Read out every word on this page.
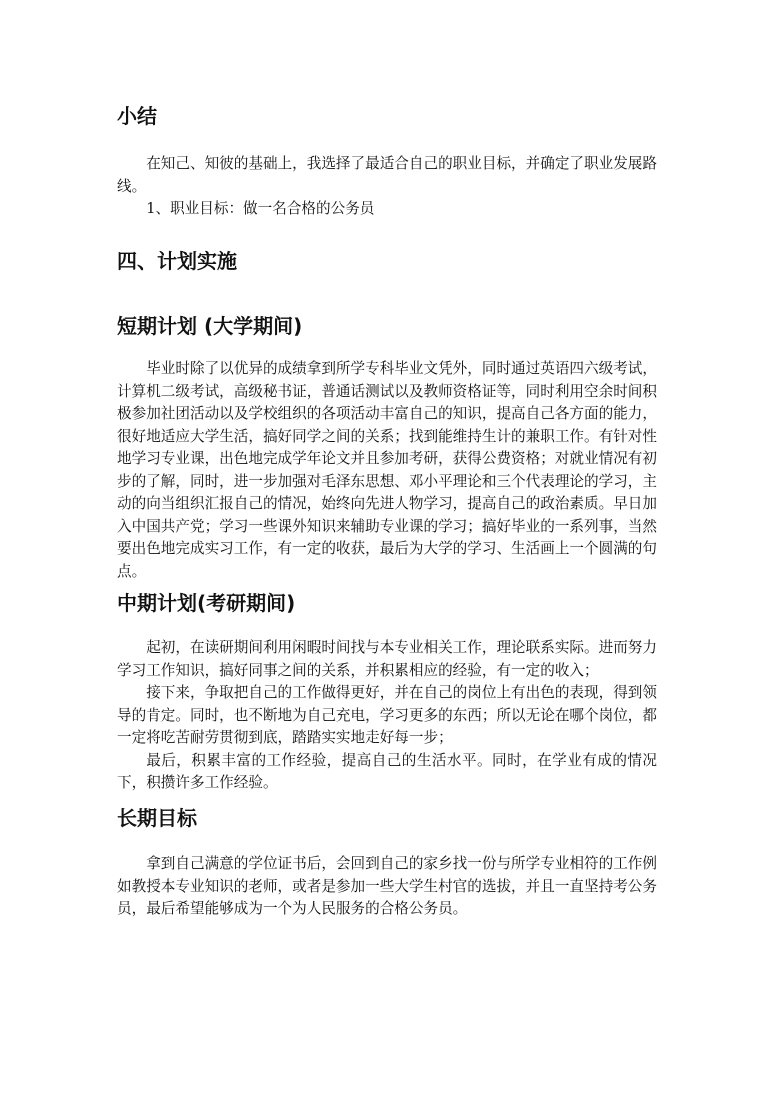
小结

在知己、知彼的基础上，我选择了最适合自己的职业目标，并确定了职业发展路线。

1、职业目标：做一名合格的公务员

四、计划实施
短期计划 (大学期间)

毕业时除了以优异的成绩拿到所学专科毕业文凭外，同时通过英语四六级考试，计算机二级考试，高级秘书证，普通话测试以及教师资格证等，同时利用空余时间积极参加社团活动以及学校组织的各项活动丰富自己的知识，提高自己各方面的能力，很好地适应大学生活，搞好同学之间的关系；找到能维持生计的兼职工作。有针对性地学习专业课，出色地完成学年论文并且参加考研，获得公费资格；对就业情况有初步的了解，同时，进一步加强对毛泽东思想、邓小平理论和三个代表理论的学习，主动的向当组织汇报自己的情况，始终向先进人物学习，提高自己的政治素质。早日加入中国共产党；学习一些课外知识来辅助专业课的学习；搞好毕业的一系列事，当然要出色地完成实习工作，有一定的收获，最后为大学的学习、生活画上一个圆满的句点。

中期计划(考研期间)

起初，在读研期间利用闲暇时间找与本专业相关工作，理论联系实际。进而努力学习工作知识，搞好同事之间的关系，并积累相应的经验，有一定的收入；

接下来，争取把自己的工作做得更好，并在自己的岗位上有出色的表现，得到领导的肯定。同时，也不断地为自己充电，学习更多的东西；所以无论在哪个岗位，都一定将吃苦耐劳贯彻到底，踏踏实实地走好每一步；

最后，积累丰富的工作经验，提高自己的生活水平。同时，在学业有成的情况下，积攒许多工作经验。

长期目标

拿到自己满意的学位证书后，会回到自己的家乡找一份与所学专业相符的工作例如教授本专业知识的老师，或者是参加一些大学生村官的选拔，并且一直坚持考公务员，最后希望能够成为一个为人民服务的合格公务员。
